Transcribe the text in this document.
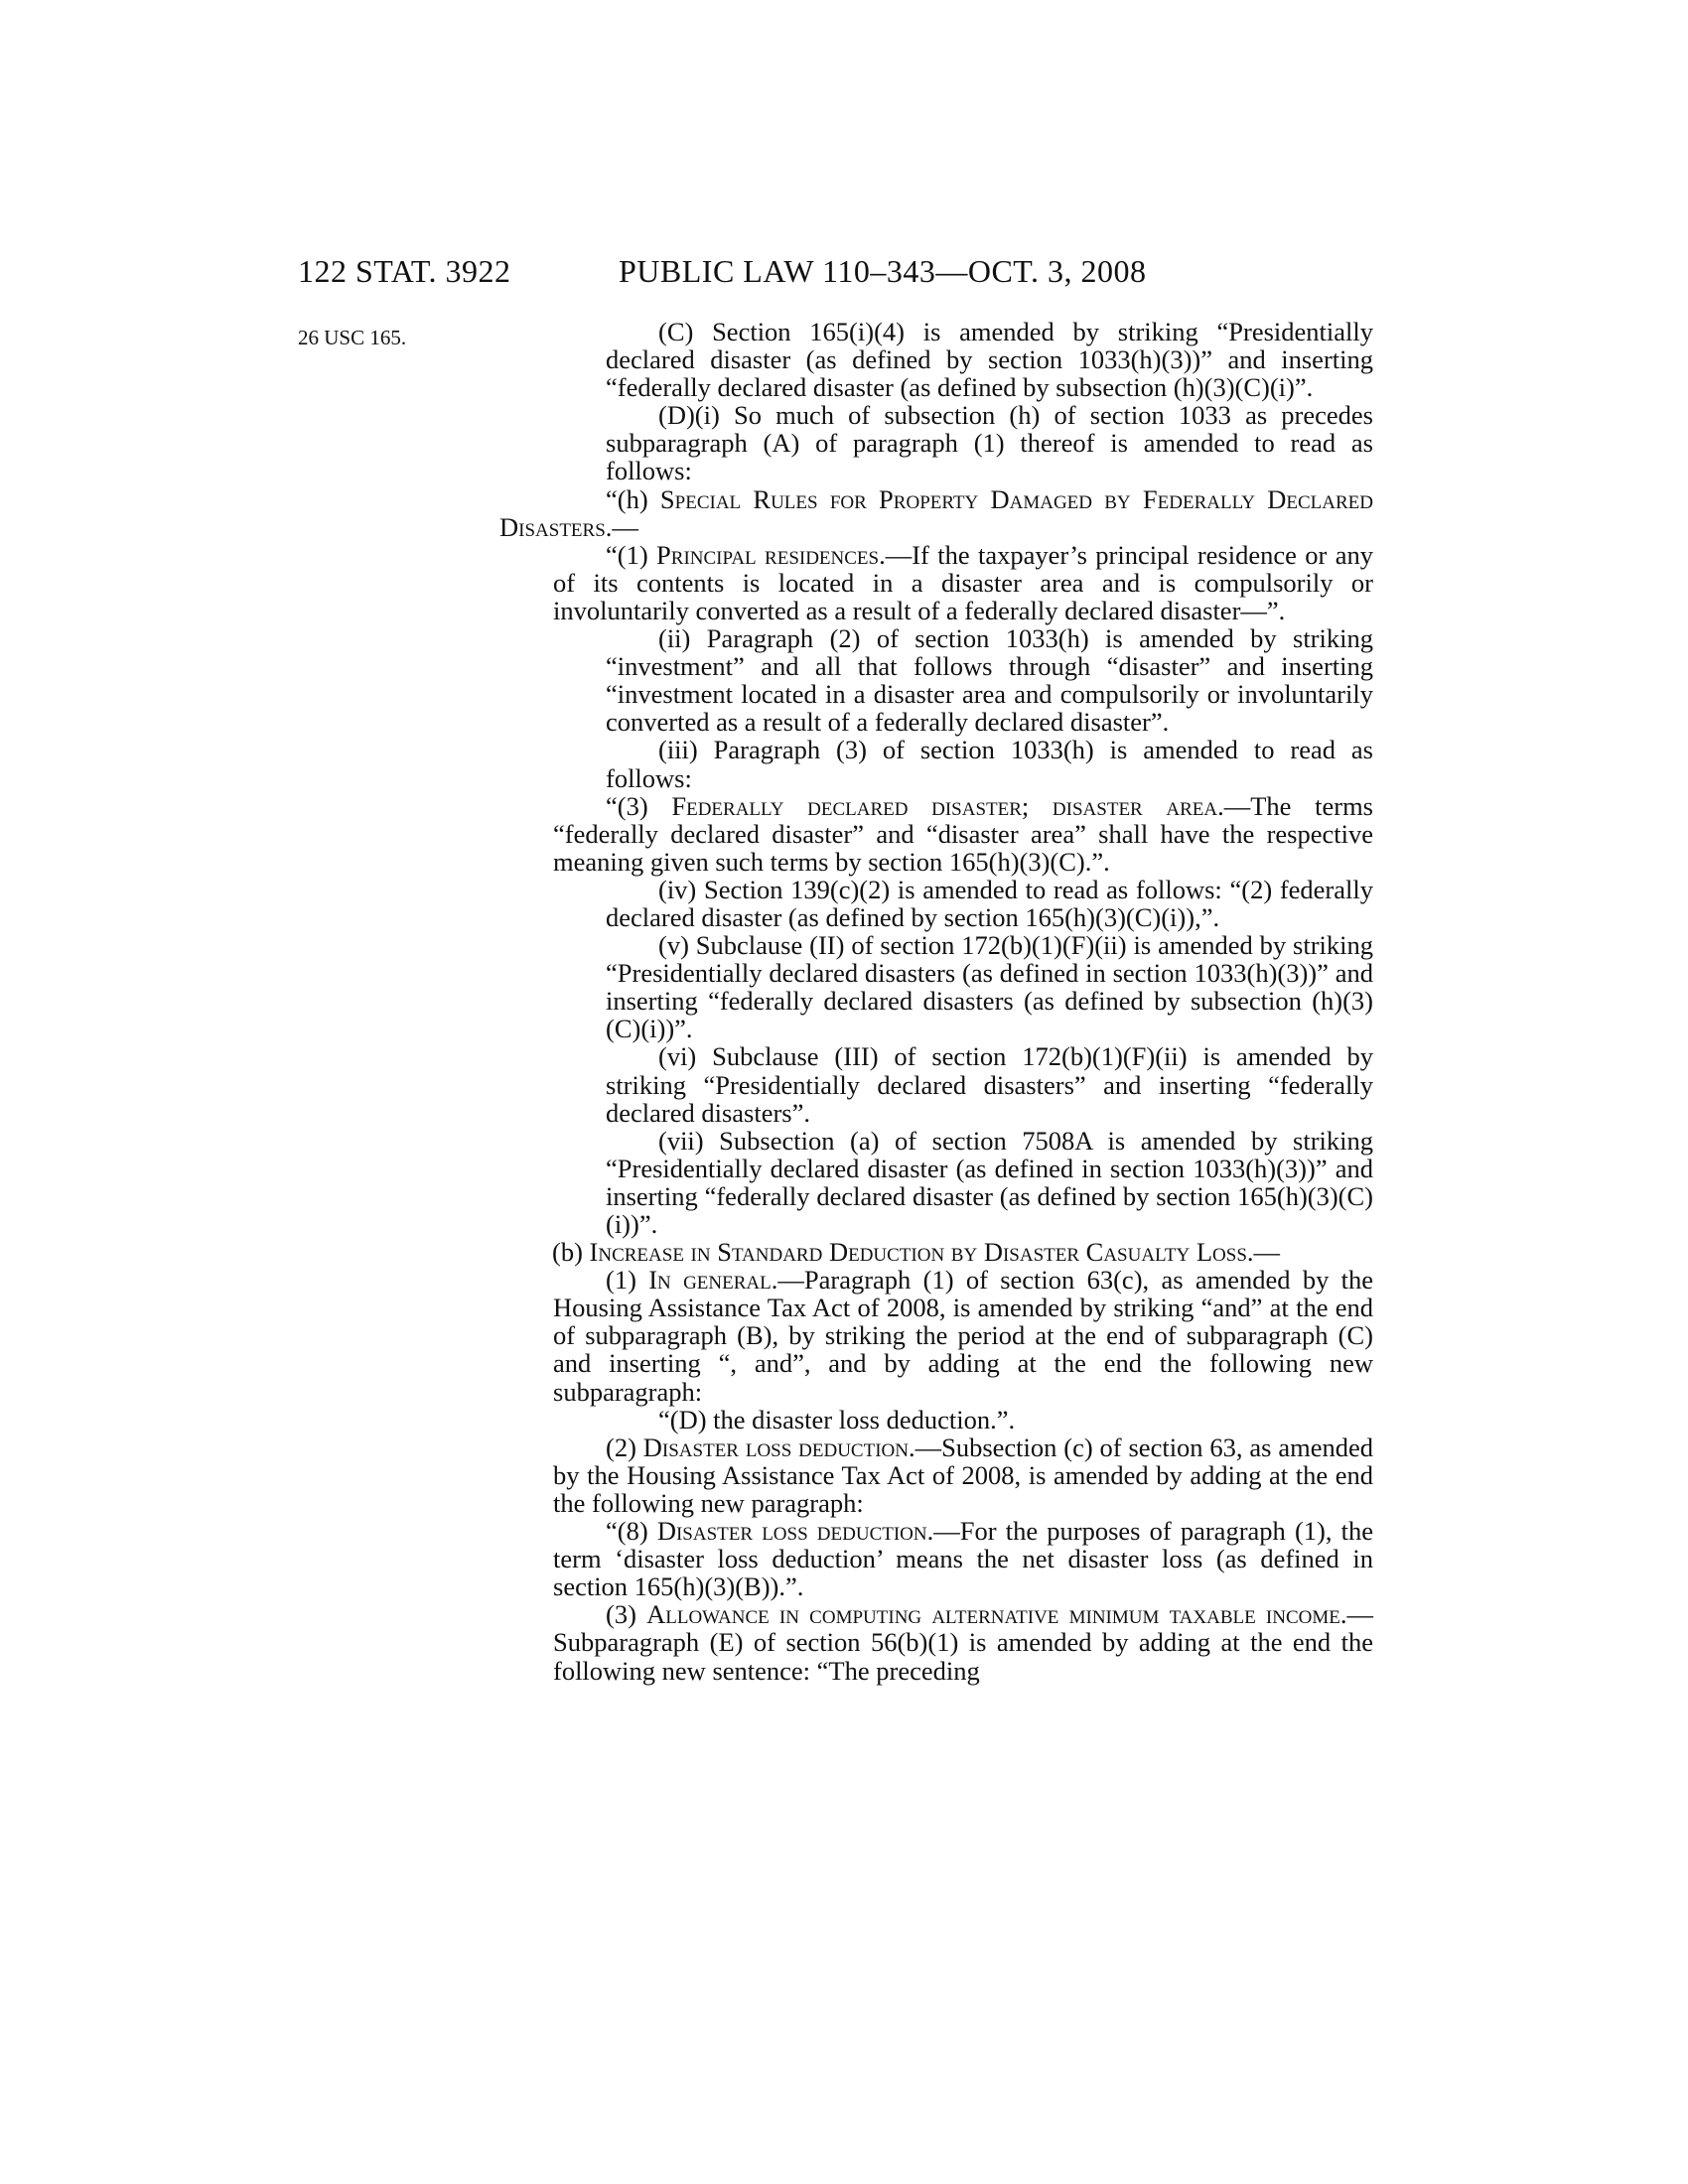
122 STAT. 3922	PUBLIC LAW 110–343—OCT. 3, 2008
26 USC 165.	(C) Section 165(i)(4) is amended by striking “Presidentially declared disaster (as defined by section 1033(h)(3))” and inserting “federally declared disaster (as defined by subsection (h)(3)(C)(i)”.

(D)(i) So much of subsection (h) of section 1033 as precedes subparagraph (A) of paragraph (1) thereof is amended to read as follows:

“(h) Special Rules for Property Damaged by Federally Declared Disasters.—

“(1) Principal residences.—If the taxpayer’s principal residence or any of its contents is located in a disaster area and is compulsorily or involuntarily converted as a result of a federally declared disaster—”.

(ii) Paragraph (2) of section 1033(h) is amended by striking “investment” and all that follows through “disaster” and inserting “investment located in a disaster area and compulsorily or involuntarily converted as a result of a federally declared disaster”.

(iii) Paragraph (3) of section 1033(h) is amended to read as follows:

“(3) Federally declared disaster; disaster area.—The terms “federally declared disaster” and “disaster area” shall have the respective meaning given such terms by section 165(h)(3)(C).”.

(iv) Section 139(c)(2) is amended to read as follows: “(2) federally declared disaster (as defined by section 165(h)(3)(C)(i)),”.

(v) Subclause (II) of section 172(b)(1)(F)(ii) is amended by striking “Presidentially declared disasters (as defined in section 1033(h)(3))” and inserting “federally declared disasters (as defined by subsection (h)(3)(C)(i))”.

(vi) Subclause (III) of section 172(b)(1)(F)(ii) is amended by striking “Presidentially declared disasters” and inserting “federally declared disasters”.

(vii) Subsection (a) of section 7508A is amended by striking “Presidentially declared disaster (as defined in section 1033(h)(3))” and inserting “federally declared disaster (as defined by section 165(h)(3)(C)(i))”.

(b) Increase in Standard Deduction by Disaster Casualty Loss.—

(1) In general.—Paragraph (1) of section 63(c), as amended by the Housing Assistance Tax Act of 2008, is amended by striking “and” at the end of subparagraph (B), by striking the period at the end of subparagraph (C) and inserting “, and”, and by adding at the end the following new subparagraph:

“(D) the disaster loss deduction.”.

(2) Disaster loss deduction.—Subsection (c) of section 63, as amended by the Housing Assistance Tax Act of 2008, is amended by adding at the end the following new paragraph:

“(8) Disaster loss deduction.—For the purposes of paragraph (1), the term ‘disaster loss deduction’ means the net disaster loss (as defined in section 165(h)(3)(B)).”.

(3) Allowance in computing alternative minimum taxable income.—Subparagraph (E) of section 56(b)(1) is amended by adding at the end the following new sentence: “The preceding
